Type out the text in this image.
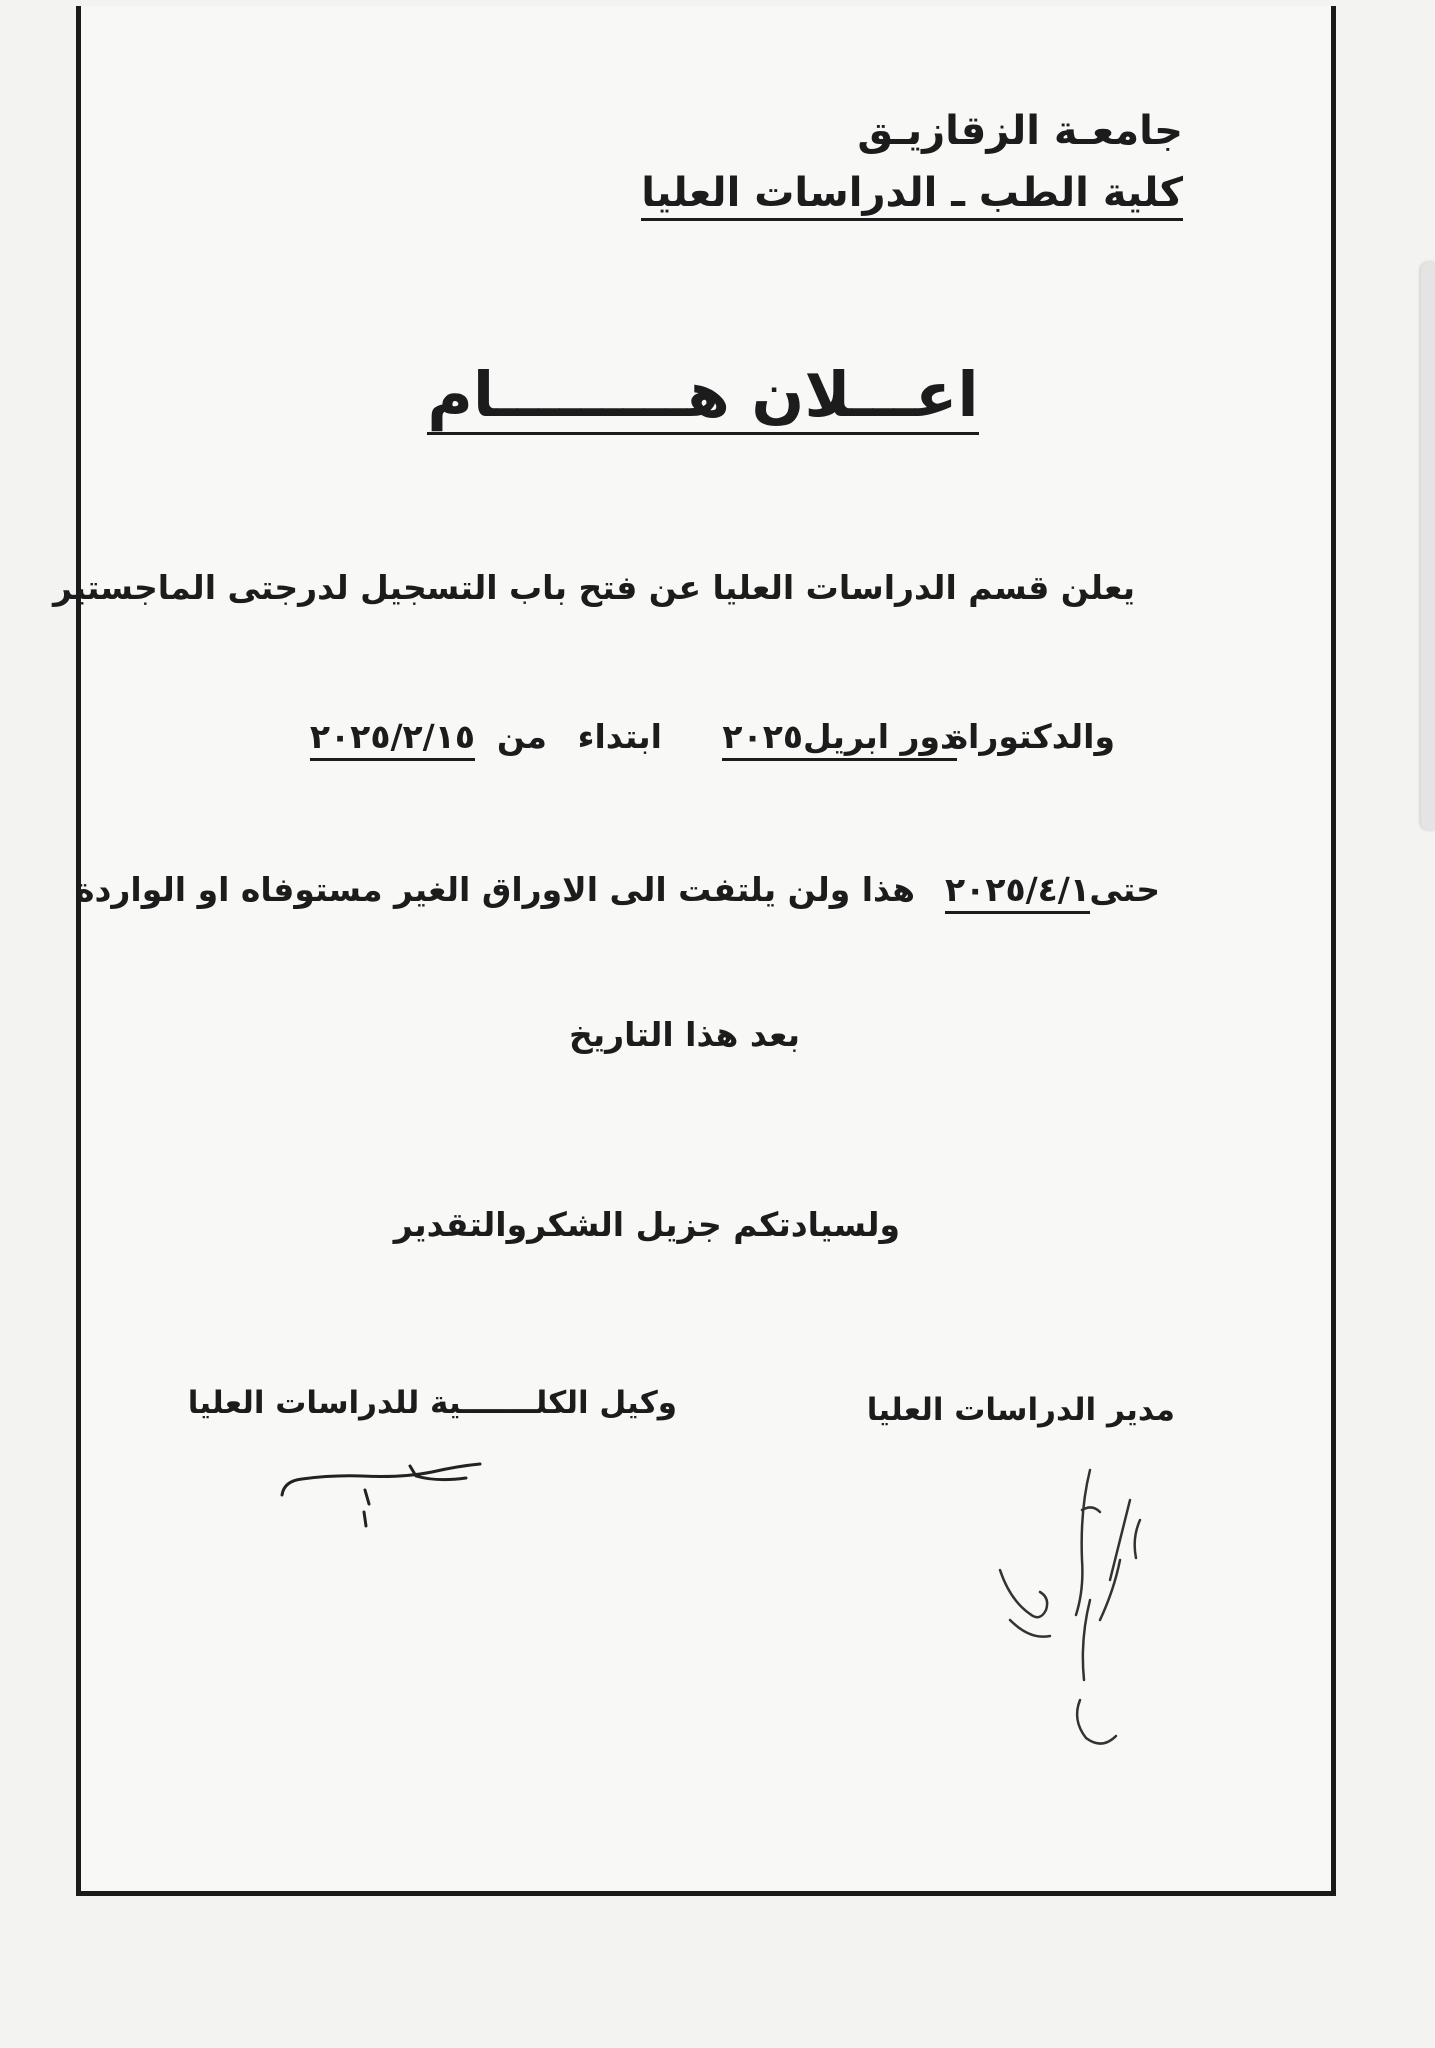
جامعـة الزقازيـق
كلية الطب ـ الدراسات العليا
اعـــلان هـــــــــام
يعلن قسم الدراسات العليا عن فتح باب التسجيل لدرجتى الماجستير
والدكتوراة
دور ابريل٢٠٢٥
ابتداء
من
٢٠٢٥/٢/١٥
حتى
٢٠٢٥/٤/١
هذا ولن يلتفت الى الاوراق الغير مستوفاه او الواردة
بعد هذا التاريخ
ولسيادتكم جزيل الشكروالتقدير
وكيل الكلـــــــية للدراسات العليا	مدير الدراسات العليا
